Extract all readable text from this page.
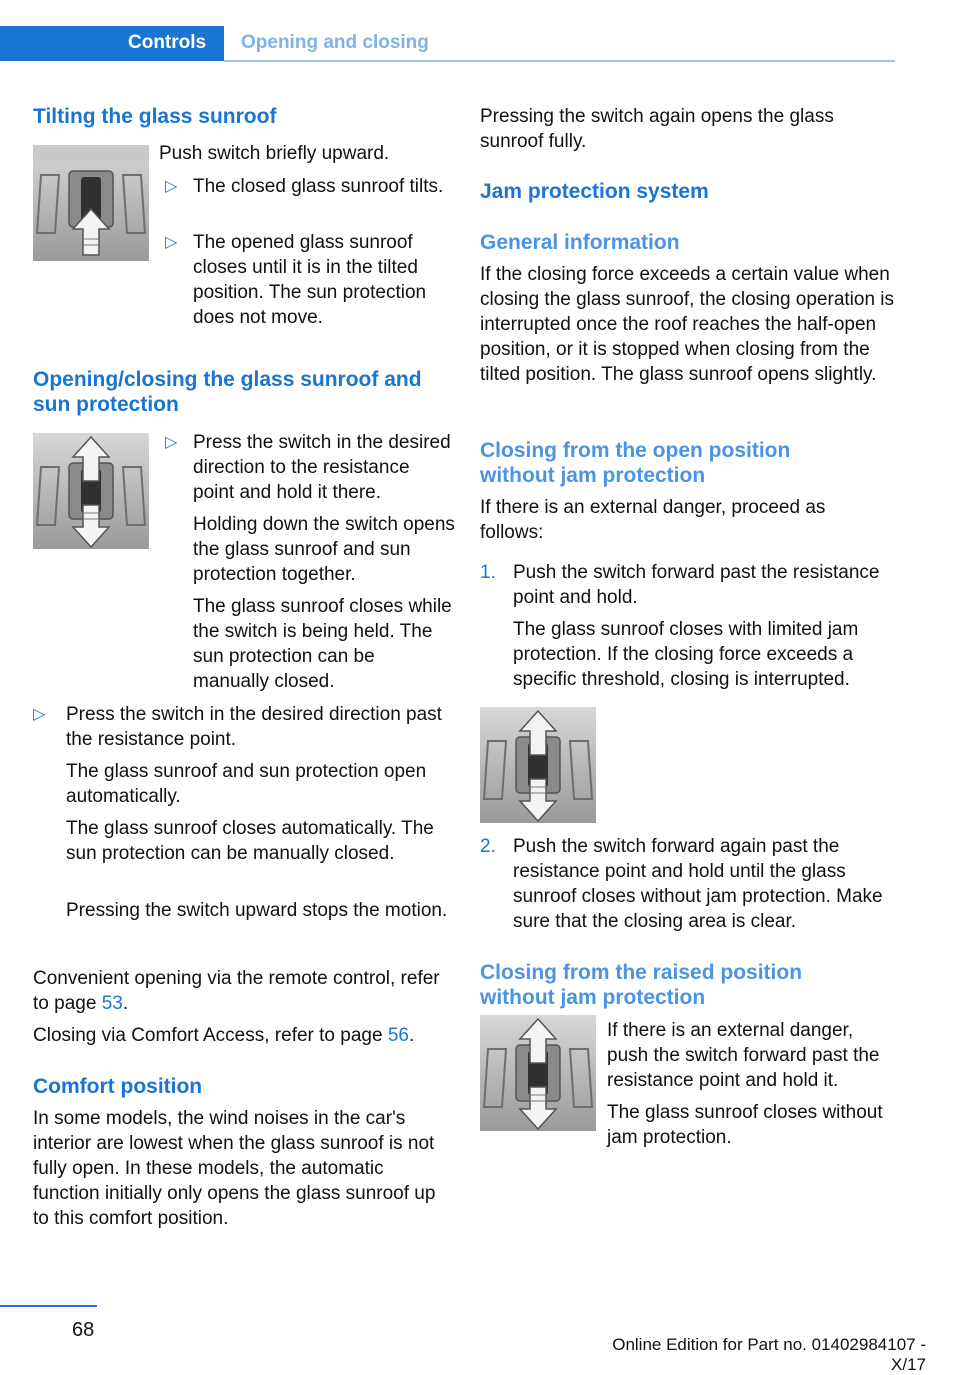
Controls Opening and closing
Tilting the glass sunroof
Push switch briefly upward.
▷ The closed glass sunroof tilts.
▷ The opened glass sunroof closes until it is in the tilted position. The sun protection does not move.
Opening/closing the glass sunroof and sun protection
▷ Press the switch in the desired direction to the resistance point and hold it there.
Holding down the switch opens the glass sunroof and sun protection together.
The glass sunroof closes while the switch is being held. The sun protection can be manually closed.
▷ Press the switch in the desired direction past the resistance point.
The glass sunroof and sun protection open automatically.
The glass sunroof closes automatically. The sun protection can be manually closed.
Pressing the switch upward stops the motion.
Convenient opening via the remote control, refer to page 53.
Closing via Comfort Access, refer to page 56.
Comfort position
In some models, the wind noises in the car's interior are lowest when the glass sunroof is not fully open. In these models, the automatic function initially only opens the glass sunroof up to this comfort position.
Pressing the switch again opens the glass sunroof fully.
Jam protection system
General information
If the closing force exceeds a certain value when closing the glass sunroof, the closing operation is interrupted once the roof reaches the half-open position, or it is stopped when closing from the tilted position. The glass sunroof opens slightly.
Closing from the open position without jam protection
If there is an external danger, proceed as follows:
1. Push the switch forward past the resistance point and hold.
The glass sunroof closes with limited jam protection. If the closing force exceeds a specific threshold, closing is interrupted.
2. Push the switch forward again past the resistance point and hold until the glass sunroof closes without jam protection. Make sure that the closing area is clear.
Closing from the raised position without jam protection
If there is an external danger, push the switch forward past the resistance point and hold it.
The glass sunroof closes without jam protection.
68
Online Edition for Part no. 01402984107 - X/17
